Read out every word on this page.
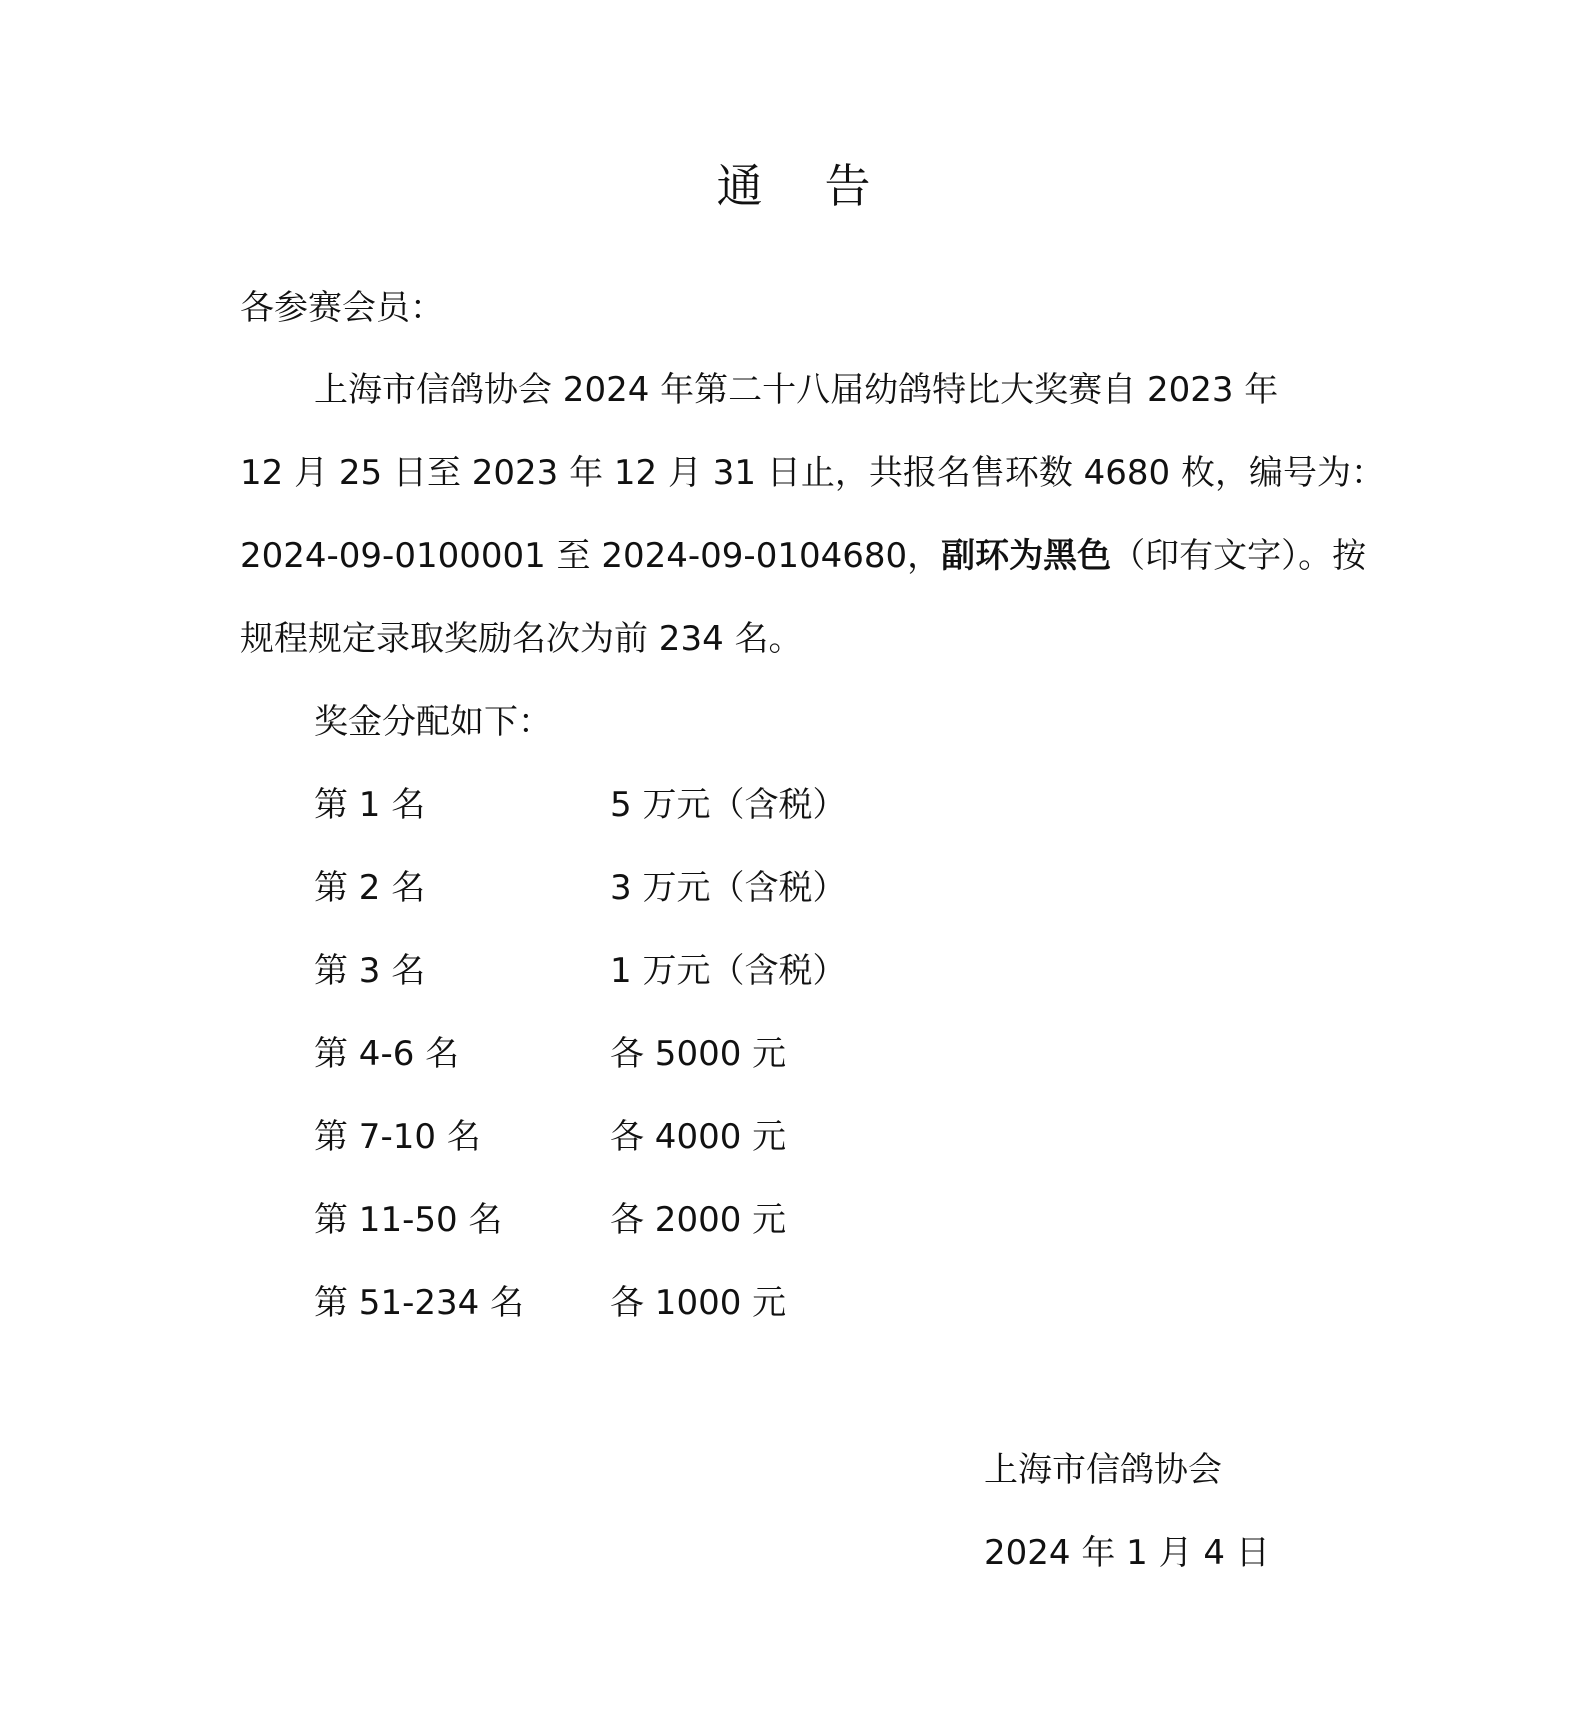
通告
各参赛会员：
上海市信鸽协会 2024 年第二十八届幼鸽特比大奖赛自 2023 年
12 月 25 日至 2023 年 12 月 31 日止，共报名售环数 4680 枚，编号为：
2024-09-0100001 至 2024-09-0104680，副环为黑色（印有文字）。按
规程规定录取奖励名次为前 234 名。
奖金分配如下：
第 1 名	5 万元（含税）
第 2 名	3 万元（含税）
第 3 名	1 万元（含税）
第 4-6 名	各 5000 元
第 7-10 名	各 4000 元
第 11-50 名	各 2000 元
第 51-234 名	各 1000 元
上海市信鸽协会
2024 年 1 月 4 日
